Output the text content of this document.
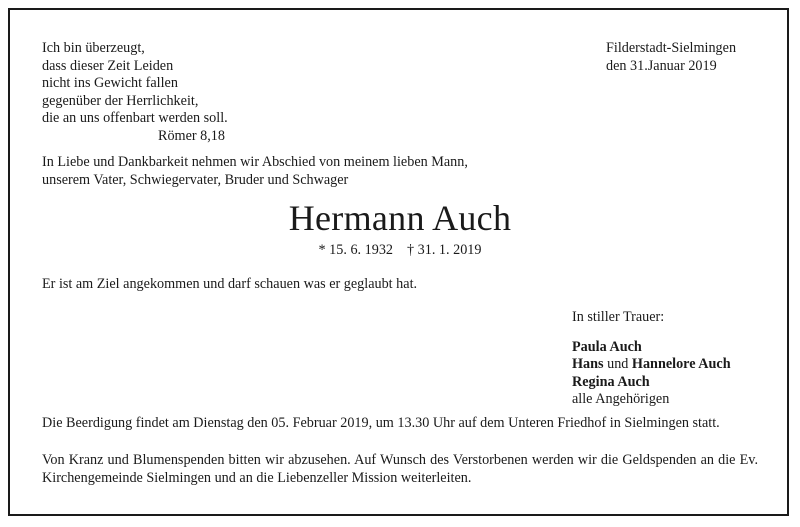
Ich bin überzeugt,
dass dieser Zeit Leiden
nicht ins Gewicht fallen
gegenüber der Herrlichkeit,
die an uns offenbart werden soll.
Römer 8,18
Filderstadt-Sielmingen
den 31.Januar 2019
In Liebe und Dankbarkeit nehmen wir Abschied von meinem lieben Mann,
unserem Vater, Schwiegervater, Bruder und Schwager
Hermann Auch
* 15. 6. 1932 † 31. 1. 2019
Er ist am Ziel angekommen und darf schauen was er geglaubt hat.
In stiller Trauer:
Paula Auch
Hans und Hannelore Auch
Regina Auch
alle Angehörigen
Die Beerdigung findet am Dienstag den 05. Februar 2019, um 13.30 Uhr auf dem Unteren Friedhof in Sielmingen statt.
Von Kranz und Blumenspenden bitten wir abzusehen. Auf Wunsch des Verstorbenen werden wir die Geldspenden an die Ev. Kirchengemeinde Sielmingen und an die Liebenzeller Mission weiterleiten.
